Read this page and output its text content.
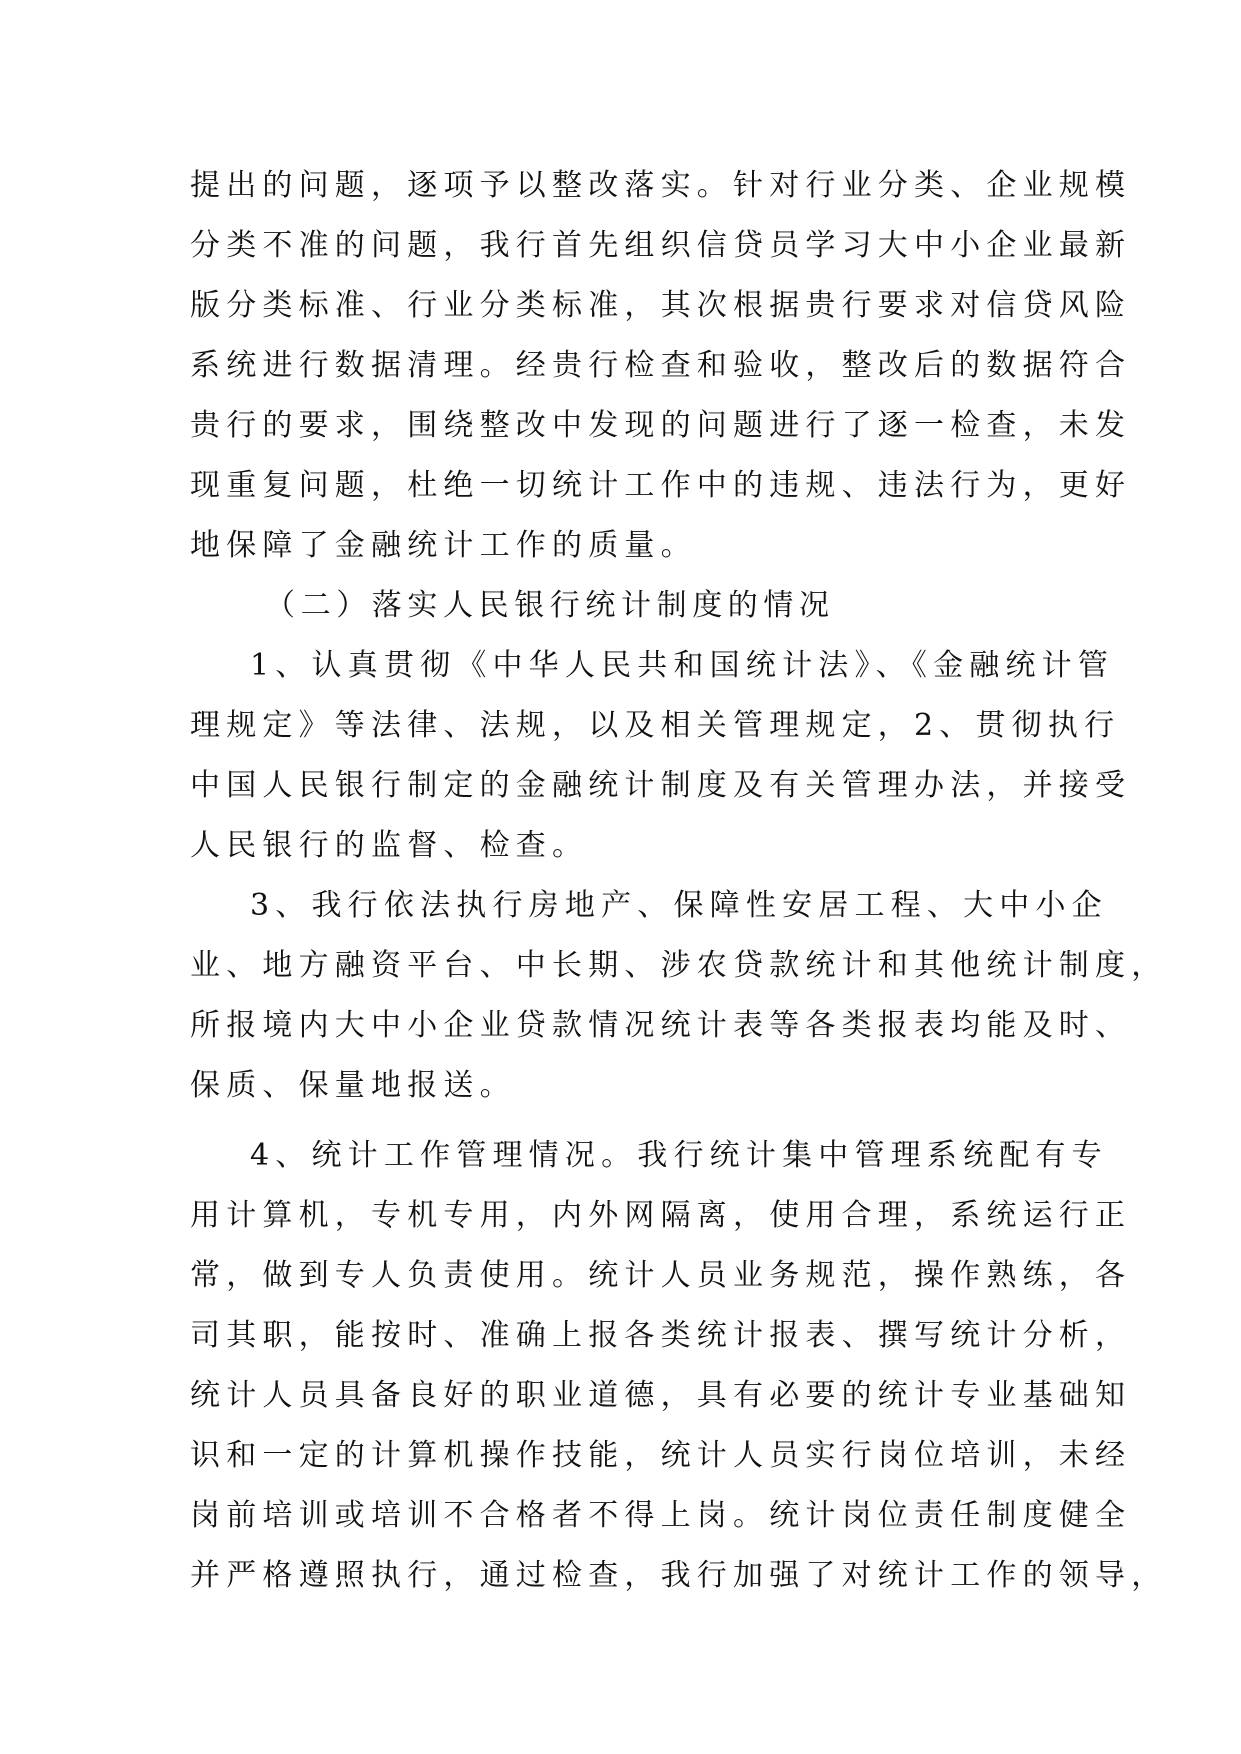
提出的问题，逐项予以整改落实。针对行业分类、企业规模
分类不准的问题，我行首先组织信贷员学习大中小企业最新
版分类标准、行业分类标准，其次根据贵行要求对信贷风险
系统进行数据清理。经贵行检查和验收，整改后的数据符合
贵行的要求，围绕整改中发现的问题进行了逐一检查，未发
现重复问题，杜绝一切统计工作中的违规、违法行为，更好
地保障了金融统计工作的质量。
（二）落实人民银行统计制度的情况
1、认真贯彻《中华人民共和国统计法》、《金融统计管
理规定》等法律、法规，以及相关管理规定，2、贯彻执行
中国人民银行制定的金融统计制度及有关管理办法，并接受
人民银行的监督、检查。
3、我行依法执行房地产、保障性安居工程、大中小企
业、地方融资平台、中长期、涉农贷款统计和其他统计制度，
所报境内大中小企业贷款情况统计表等各类报表均能及时、
保质、保量地报送。
4、统计工作管理情况。我行统计集中管理系统配有专
用计算机，专机专用，内外网隔离，使用合理，系统运行正
常，做到专人负责使用。统计人员业务规范，操作熟练，各
司其职，能按时、准确上报各类统计报表、撰写统计分析，
统计人员具备良好的职业道德，具有必要的统计专业基础知
识和一定的计算机操作技能，统计人员实行岗位培训，未经
岗前培训或培训不合格者不得上岗。统计岗位责任制度健全
并严格遵照执行，通过检查，我行加强了对统计工作的领导，
